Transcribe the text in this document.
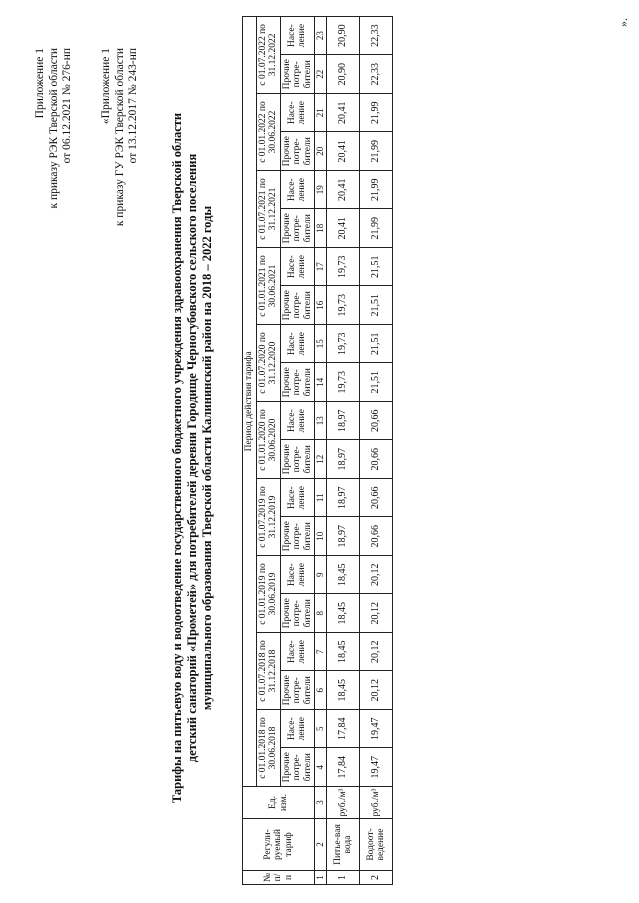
Приложение 1 к приказу РЭК Тверской области от 06.12.2021 № 276-нп «Приложение 1 к приказу ГУ РЭК Тверской области от 13.12.2017 № 243-нп
Тарифы на питьевую воду и водоотведение государственного бюджетного учреждения здравоохранения Тверской области детский санаторий «Прометей» для потребителей деревни Городище Черногубовского сельского поселения муниципального образования Тверской области Калининский район на 2018 – 2022 годы
№ п/п	Регули-руемый тариф	Ед. изм.	Период действия тарифа																			
			с 01.01.2018 по 30.06.2018		с 01.07.2018 по 31.12.2018		с 01.01.2019 по 30.06.2019		с 01.07.2019 по 31.12.2019		с 01.01.2020 по 30.06.2020		с 01.07.2020 по 31.12.2020		с 01.01.2021 по 30.06.2021		с 01.07.2021 по 31.12.2021		с 01.01.2022 по 30.06.2022		с 01.07.2022 по 31.12.2022	
			Прочие потре-бители	Насе-ление	Прочие потре-бители	Насе-ление	Прочие потре-бители	Насе-ление	Прочие потре-бители	Насе-ление	Прочие потре-бители	Насе-ление	Прочие потре-бители	Насе-ление	Прочие потре-бители	Насе-ление	Прочие потре-бители	Насе-ление	Прочие потре-бители	Насе-ление	Прочие потре-бители	Насе-ление
1	2	3	4	5	6	7	8	9	10	11	12	13	14	15	16	17	18	19	20	21	22	23
1	Питье-вая вода	руб./м³	17,84	17,84	18,45	18,45	18,45	18,45	18,97	18,97	18,97	18,97	19,73	19,73	19,73	19,73	20,41	20,41	20,41	20,41	20,90	20,90
2	Водоот-ведение	руб./м³	19,47	19,47	20,12	20,12	20,12	20,12	20,66	20,66	20,66	20,66	21,51	21,51	21,51	21,51	21,99	21,99	21,99	21,99	22,33	22,33
».
